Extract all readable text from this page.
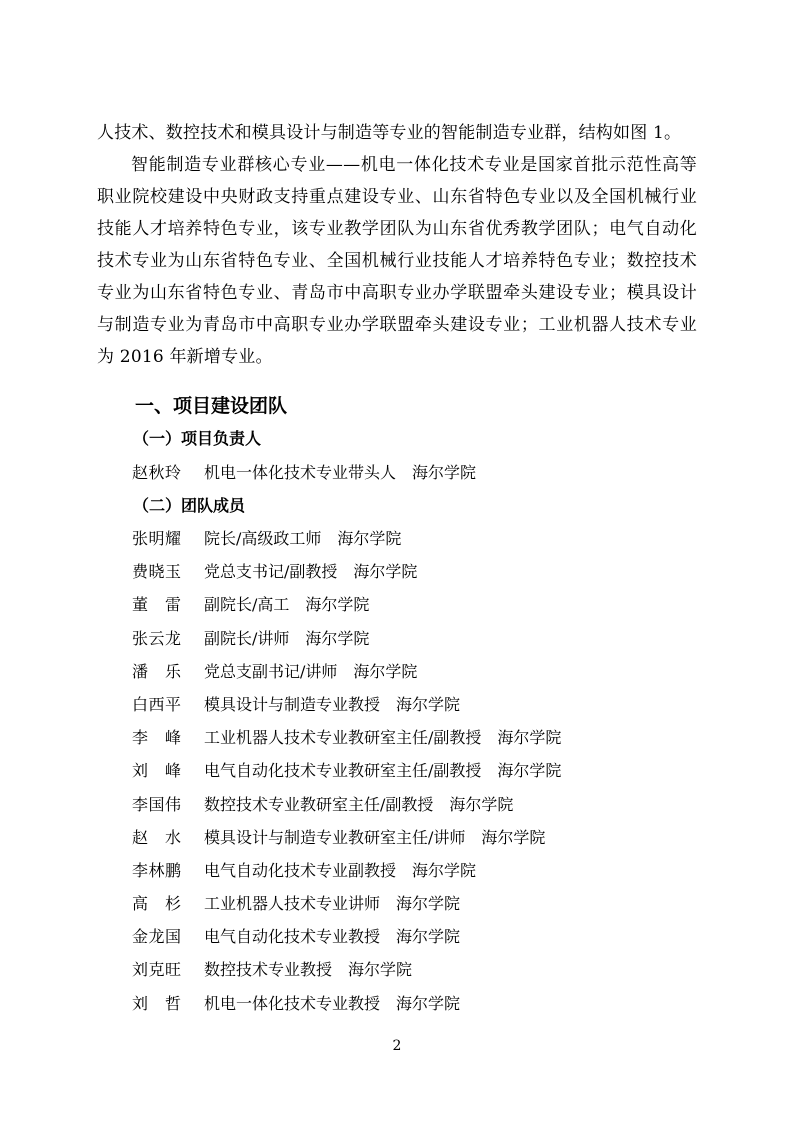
人技术、数控技术和模具设计与制造等专业的智能制造专业群，结构如图 1。

智能制造专业群核心专业——机电一体化技术专业是国家首批示范性高等职业院校建设中央财政支持重点建设专业、山东省特色专业以及全国机械行业技能人才培养特色专业，该专业教学团队为山东省优秀教学团队；电气自动化技术专业为山东省特色专业、全国机械行业技能人才培养特色专业；数控技术专业为山东省特色专业、青岛市中高职专业办学联盟牵头建设专业；模具设计与制造专业为青岛市中高职专业办学联盟牵头建设专业；工业机器人技术专业为 2016 年新增专业。

一、项目建设团队
（一）项目负责人
赵秋玲 机电一体化技术专业带头人 海尔学院
（二）团队成员
张明耀 院长/高级政工师 海尔学院
费晓玉 党总支书记/副教授 海尔学院
董　雷 副院长/高工 海尔学院
张云龙 副院长/讲师 海尔学院
潘　乐 党总支副书记/讲师 海尔学院
白西平 模具设计与制造专业教授 海尔学院
李　峰 工业机器人技术专业教研室主任/副教授 海尔学院
刘　峰 电气自动化技术专业教研室主任/副教授 海尔学院
李国伟 数控技术专业教研室主任/副教授 海尔学院
赵　水 模具设计与制造专业教研室主任/讲师 海尔学院
李林鹏 电气自动化技术专业副教授 海尔学院
高　杉 工业机器人技术专业讲师 海尔学院
金龙国 电气自动化技术专业教授 海尔学院
刘克旺 数控技术专业教授 海尔学院
刘　哲 机电一体化技术专业教授 海尔学院
2
